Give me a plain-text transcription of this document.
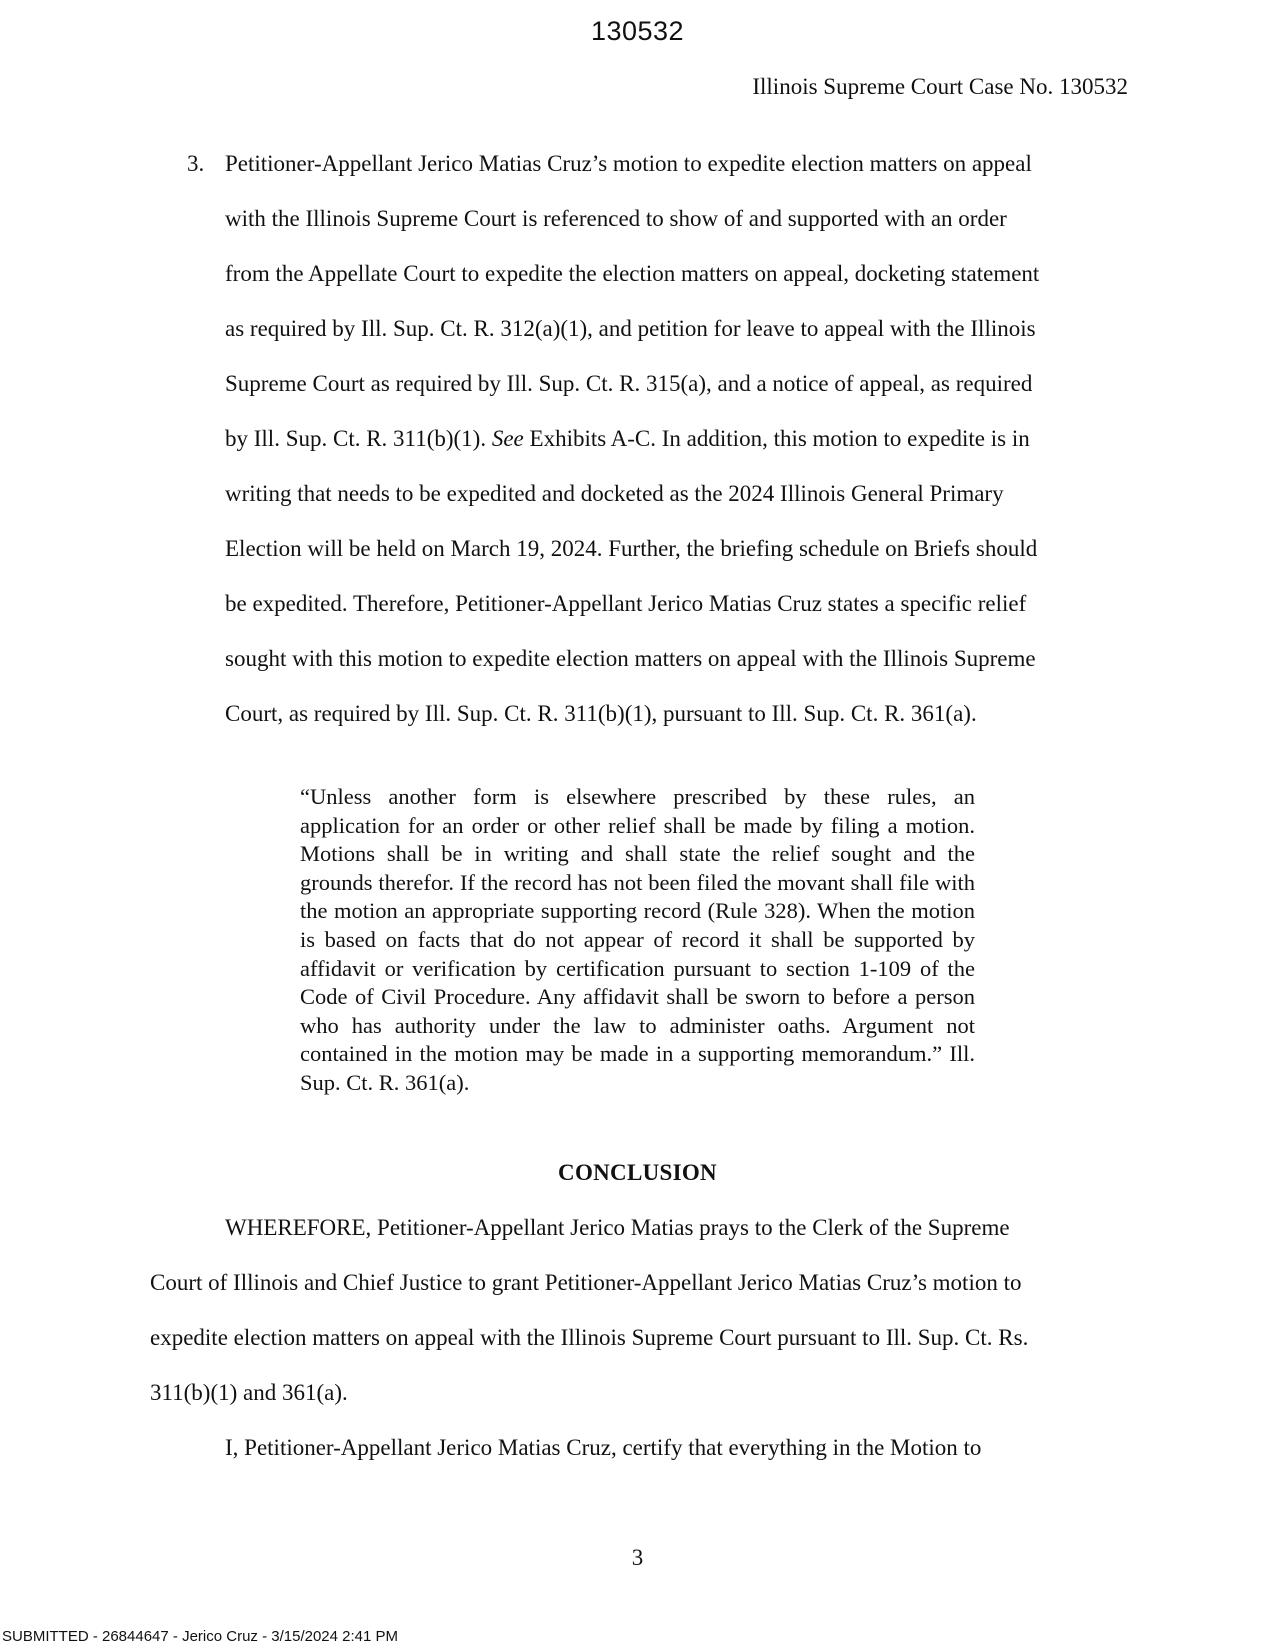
130532
Illinois Supreme Court Case No. 130532
3. Petitioner-Appellant Jerico Matias Cruz’s motion to expedite election matters on appeal
with the Illinois Supreme Court is referenced to show of and supported with an order
from the Appellate Court to expedite the election matters on appeal, docketing statement
as required by Ill. Sup. Ct. R. 312(a)(1), and petition for leave to appeal with the Illinois
Supreme Court as required by Ill. Sup. Ct. R. 315(a), and a notice of appeal, as required
by Ill. Sup. Ct. R. 311(b)(1). See Exhibits A-C. In addition, this motion to expedite is in
writing that needs to be expedited and docketed as the 2024 Illinois General Primary
Election will be held on March 19, 2024. Further, the briefing schedule on Briefs should
be expedited. Therefore, Petitioner-Appellant Jerico Matias Cruz states a specific relief
sought with this motion to expedite election matters on appeal with the Illinois Supreme
Court, as required by Ill. Sup. Ct. R. 311(b)(1), pursuant to Ill. Sup. Ct. R. 361(a).
“Unless another form is elsewhere prescribed by these rules, an application for an order or other relief shall be made by filing a motion. Motions shall be in writing and shall state the relief sought and the grounds therefor. If the record has not been filed the movant shall file with the motion an appropriate supporting record (Rule 328). When the motion is based on facts that do not appear of record it shall be supported by affidavit or verification by certification pursuant to section 1-109 of the Code of Civil Procedure. Any affidavit shall be sworn to before a person who has authority under the law to administer oaths. Argument not contained in the motion may be made in a supporting memorandum.” Ill. Sup. Ct. R. 361(a).
CONCLUSION
WHEREFORE, Petitioner-Appellant Jerico Matias prays to the Clerk of the Supreme
Court of Illinois and Chief Justice to grant Petitioner-Appellant Jerico Matias Cruz’s motion to
expedite election matters on appeal with the Illinois Supreme Court pursuant to Ill. Sup. Ct. Rs.
311(b)(1) and 361(a).
I, Petitioner-Appellant Jerico Matias Cruz, certify that everything in the Motion to
3
SUBMITTED - 26844647 - Jerico Cruz - 3/15/2024 2:41 PM
